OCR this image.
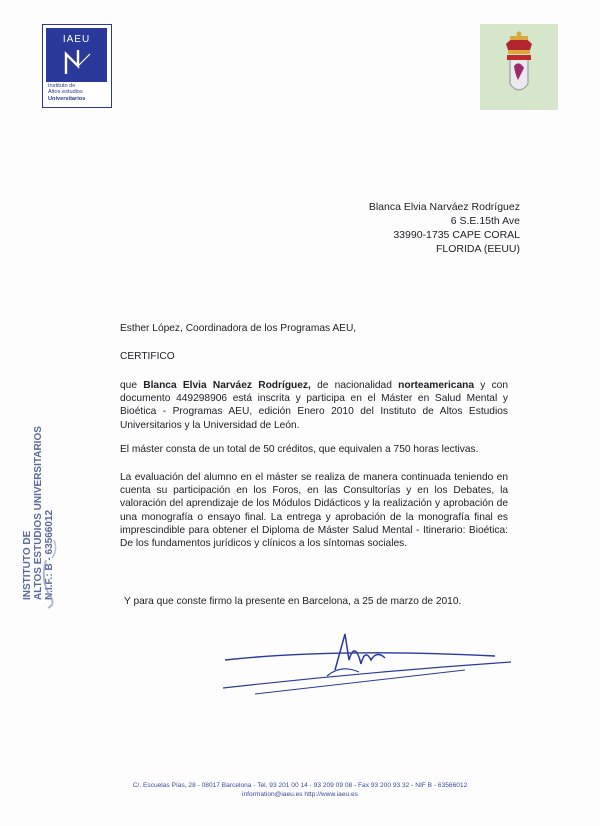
IAEU
Instituto de
Altos estudios
Universitarios
Blanca Elvia Narváez Rodríguez
6 S.E.15th Ave
33990-1735 CAPE CORAL
FLORIDA (EEUU)
Esther López, Coordinadora de los Programas AEU,
CERTIFICO
que Blanca Elvia Narváez Rodríguez, de nacionalidad norteamericana y con documento 449298906 está inscrita y participa en el Máster en Salud Mental y Bioética - Programas AEU, edición Enero 2010 del Instituto de Altos Estudios Universitarios y la Universidad de León.
El máster consta de un total de 50 créditos, que equivalen a 750 horas lectivas.
La evaluación del alumno en el máster se realiza de manera continuada teniendo en cuenta su participación en los Foros, en las Consultorías y en los Debates, la valoración del aprendizaje de los Módulos Didácticos y la realización y aprobación de una monografía o ensayo final. La entrega y aprobación de la monografía final es imprescindible para obtener el Diploma de Máster Salud Mental - Itinerario: Bioética: De los fundamentos jurídicos y clínicos a los síntomas sociales.
Y para que conste firmo la presente en Barcelona, a 25 de marzo de 2010.
INSTITUTO DE ALTOS ESTUDIOS UNIVERSITARIOS N.I.F.: B - 63566012
C/. Escuelas Pías, 28 - 08017 Barcelona - Tel. 93 201 00 14 · 93 209 09 08 - Fax 93 200 93 32 - NIF B - 63566012
information@iaeu.es http://www.iaeu.es
